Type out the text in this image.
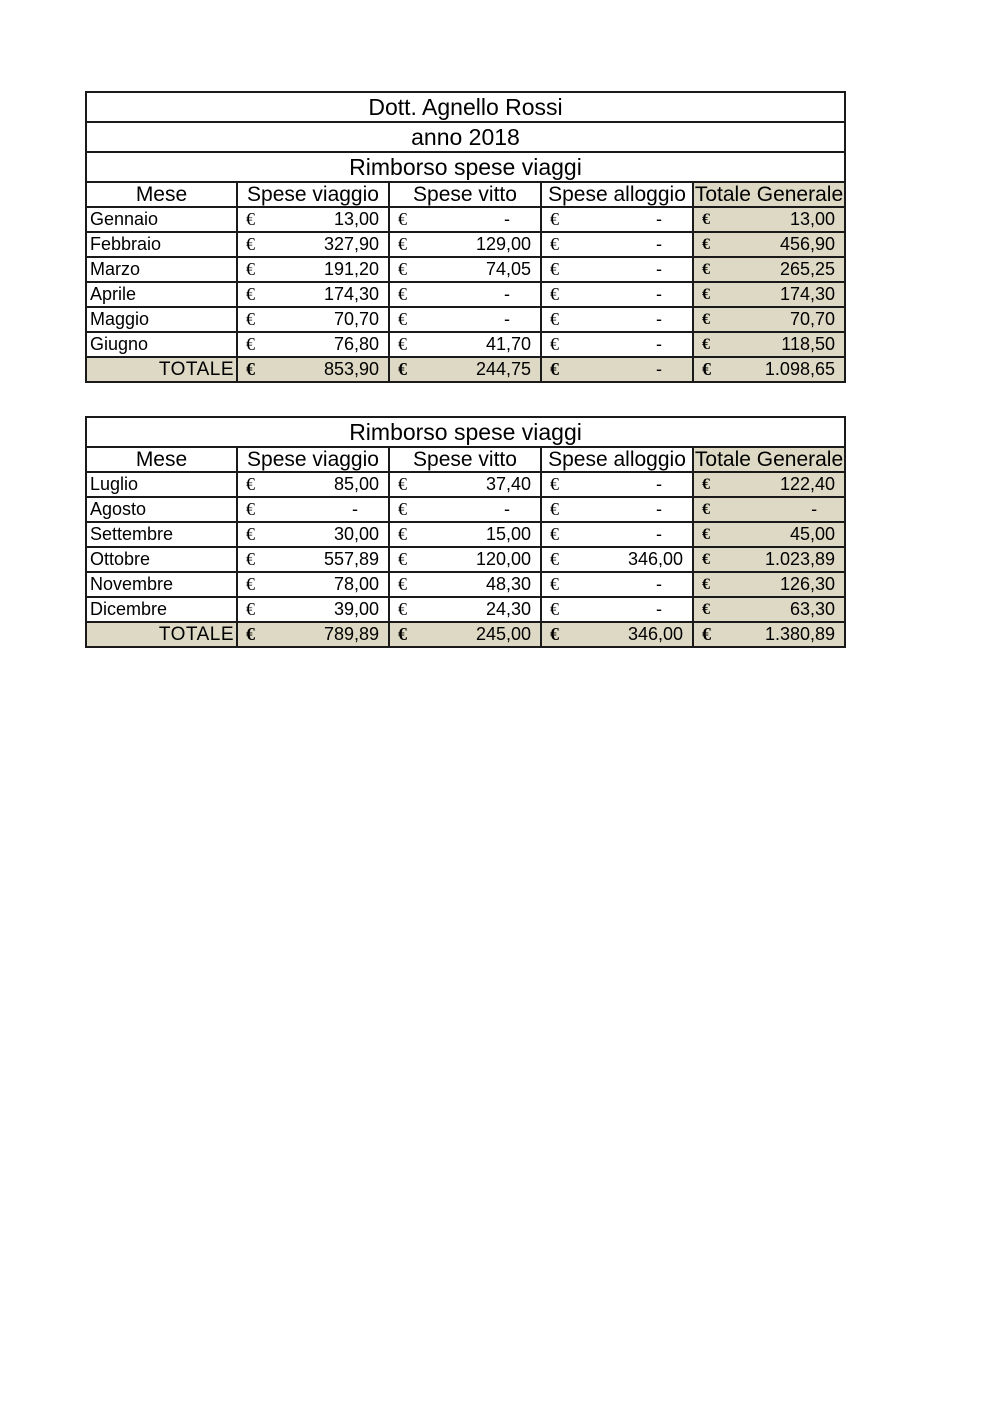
Dott. Agnello Rossi				
anno 2018				
Rimborso spese viaggi				
Mese	Spese viaggio	Spese vitto	Spese alloggio	Totale Generale
Gennaio	€ 13,00	€ -	€ -	€ 13,00

Febbraio	€ 327,90	€ 129,00	€ -	€ 456,90

Marzo	€ 191,20	€ 74,05	€ -	€ 265,25

Aprile	€ 174,30	€ -	€ -	€ 174,30

Maggio	€ 70,70	€ -	€ -	€ 70,70

Giugno	€ 76,80	€ 41,70	€ -	€ 118,50

TOTALE	€ 853,90	€ 244,75	€ -	€ 1.098,65
Rimborso spese viaggi				
Mese	Spese viaggio	Spese vitto	Spese alloggio	Totale Generale
Luglio	€ 85,00	€ 37,40	€ -	€ 122,40

Agosto	€ -	€ -	€ -	€ -

Settembre	€ 30,00	€ 15,00	€ -	€ 45,00

Ottobre	€ 557,89	€ 120,00	€ 346,00	€ 1.023,89

Novembre	€ 78,00	€ 48,30	€ -	€ 126,30

Dicembre	€ 39,00	€ 24,30	€ -	€ 63,30

TOTALE	€ 789,89	€ 245,00	€ 346,00	€ 1.380,89
